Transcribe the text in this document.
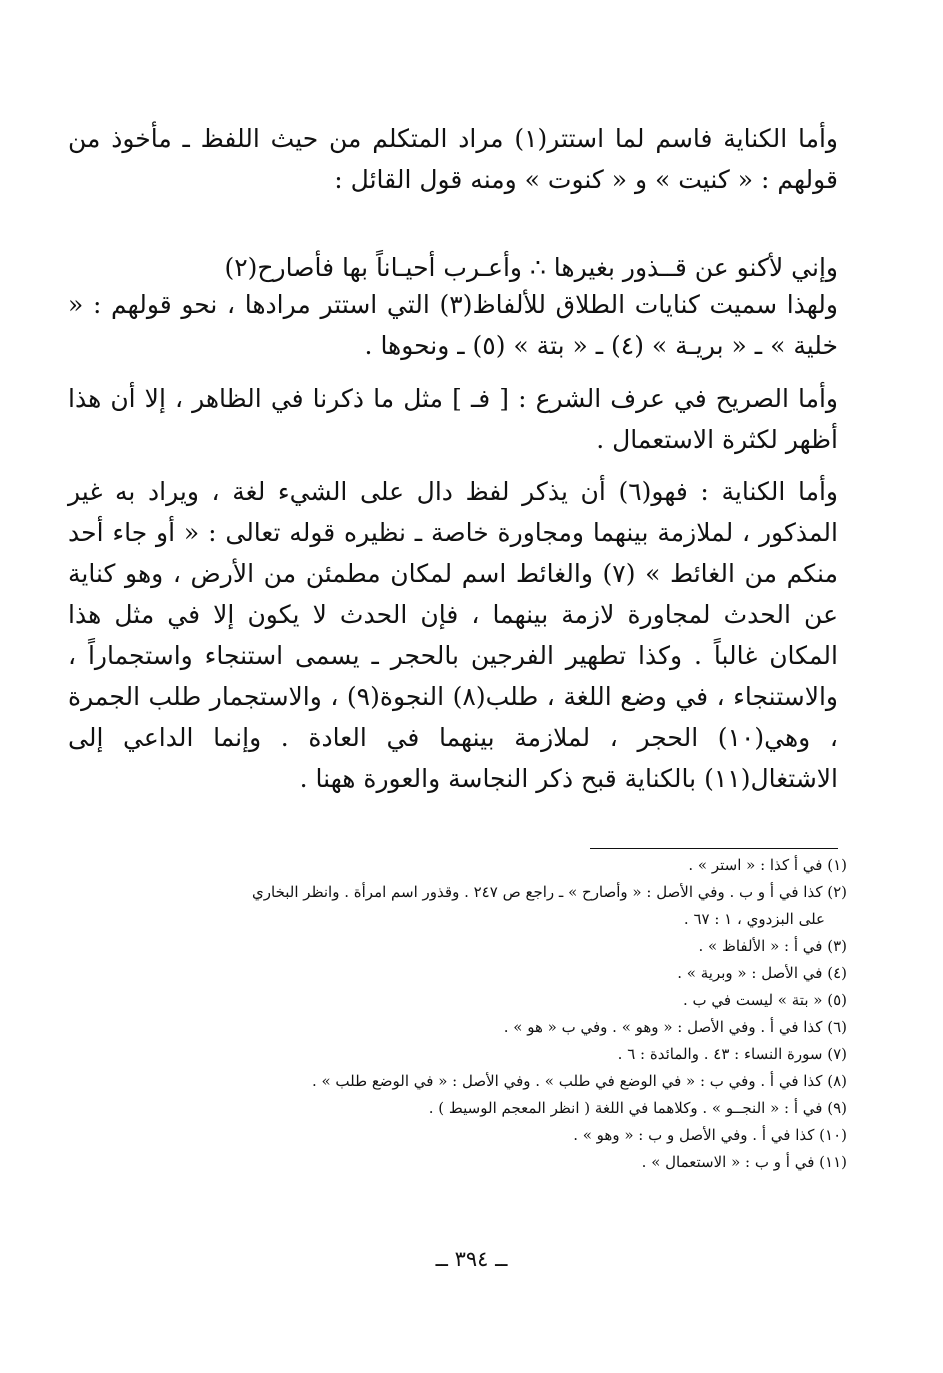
وأما الكناية فاسم لما استتر(١) مراد المتكلم من حيث اللفظ ـ مأخوذ من قولهم : « كنيت » و « كنوت » ومنه قول القائل :

وإني لأكنو عن قــذور بغيرها ∴ وأعـرب أحيـاناً بها فأصارح(٢)

ولهذا سميت كنايات الطلاق للألفاظ(٣) التي استتر مرادها ، نحو قولهم : « خلية » ـ « بريـة » (٤) ـ « بتة » (٥) ـ ونحوها .

وأما الصريح في عرف الشرع : [ فـ ] مثل ما ذكرنا في الظاهر ، إلا أن هذا أظهر لكثرة الاستعمال .

وأما الكناية : فهو(٦) أن يذكر لفظ دال على الشيء لغة ، ويراد به غير المذكور ، لملازمة بينهما ومجاورة خاصة ـ نظيره قوله تعالى : « أو جاء أحد منكم من الغائط » (٧) والغائط اسم لمكان مطمئن من الأرض ، وهو كناية عن الحدث لمجاورة لازمة بينهما ، فإن الحدث لا يكون إلا في مثل هذا المكان غالباً . وكذا تطهير الفرجين بالحجر ـ يسمى استنجاء واستجماراً ، والاستنجاء ، في وضع اللغة ، طلب(٨) النجوة(٩) ، والاستجمار طلب الجمرة ، وهي(١٠) الحجر ، لملازمة بينهما في العادة . وإنما الداعي إلى الاشتغال(١١) بالكناية قبح ذكر النجاسة والعورة ههنا .

(١) في أ كذا : « استر » .

(٢) كذا في أ و ب . وفي الأصل : « وأصارح » ـ راجع ص ٢٤٧ . وقذور اسم امرأة . وانظر البخاري

على البزدوي ، ١ : ٦٧ .

(٣) في أ : « الألفاظ » .

(٤) في الأصل : « وبرية » .

(٥) « بتة » ليست في ب .

(٦) كذا في أ . وفي الأصل : « وهو » . وفي ب « هو » .

(٧) سورة النساء : ٤٣ . والمائدة : ٦ .

(٨) كذا في أ . وفي ب : « في الوضع في طلب » . وفي الأصل : « في الوضع طلب » .

(٩) في أ : « النجــو » . وكلاهما في اللغة ( انظر المعجم الوسيط ) .

(١٠) كذا في أ . وفي الأصل و ب : « وهو » .

(١١) في أ و ب : « الاستعمال » .

ــ ٣٩٤ ــ
